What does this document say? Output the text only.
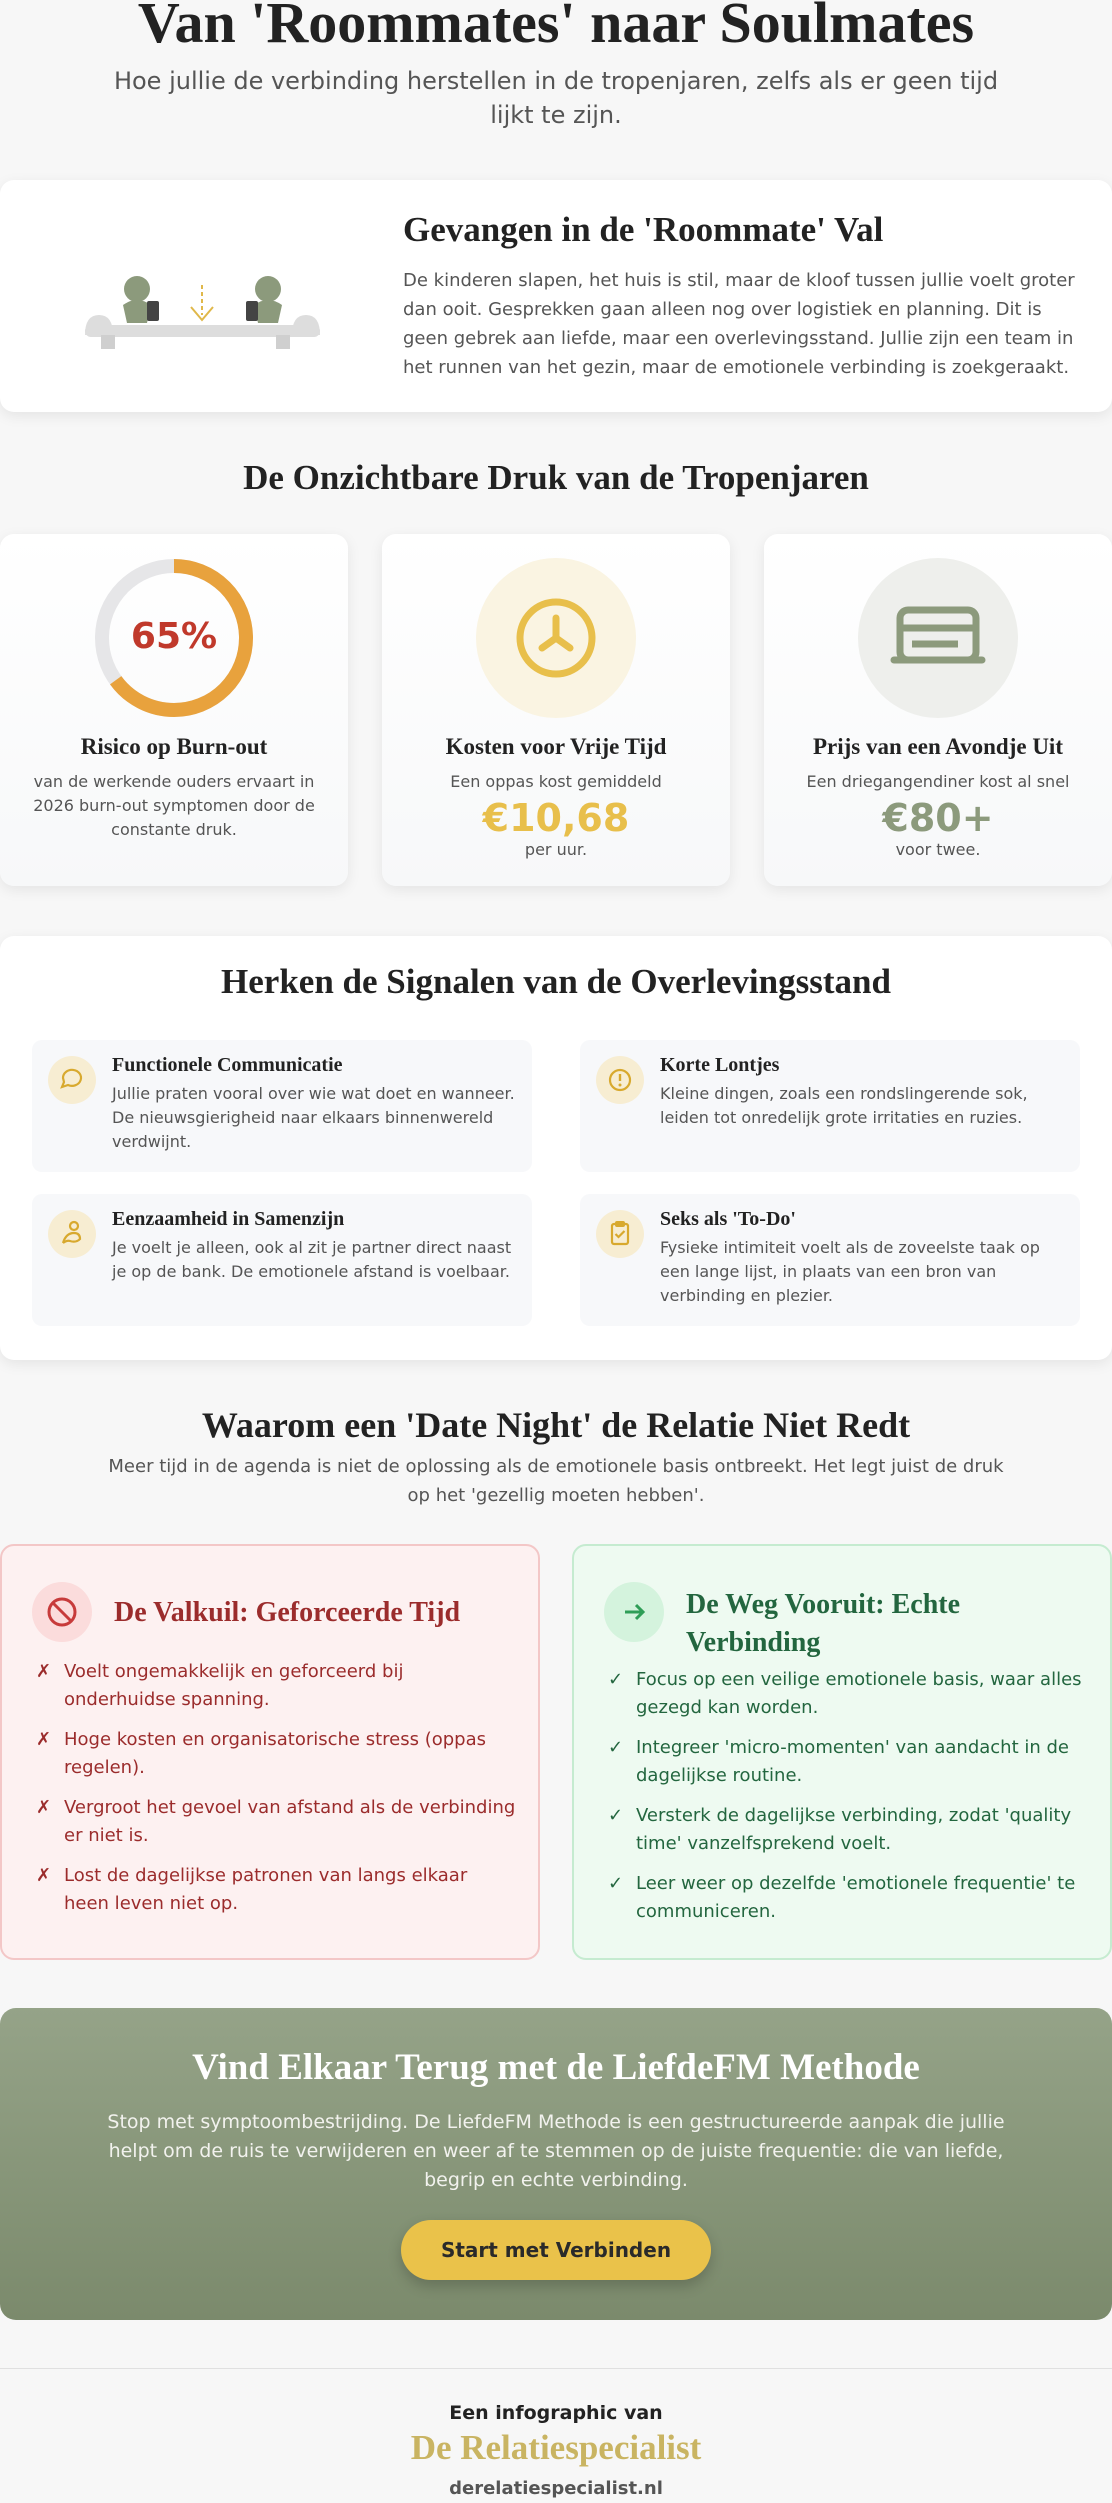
Van 'Roommates' naar Soulmates

Hoe jullie de verbinding herstellen in de tropenjaren, zelfs als er geen tijd lijkt te zijn.

Gevangen in de 'Roommate' Val

De kinderen slapen, het huis is stil, maar de kloof tussen jullie voelt groter dan ooit. Gesprekken gaan alleen nog over logistiek en planning. Dit is geen gebrek aan liefde, maar een overlevingsstand. Jullie zijn een team in het runnen van het gezin, maar de emotionele verbinding is zoekgeraakt.

De Onzichtbare Druk van de Tropenjaren
65%
Risico op Burn-out
van de werkende ouders ervaart in 2026 burn-out symptomen door de constante druk.
Kosten voor Vrije Tijd
Een oppas kost gemiddeld
€10,68
per uur.
Prijs van een Avondje Uit
Een driegangendiner kost al snel
€80+
voor twee.
Herken de Signalen van de Overlevingsstand
Functionele Communicatie
Jullie praten vooral over wie wat doet en wanneer. De nieuwsgierigheid naar elkaars binnenwereld verdwijnt.
Korte Lontjes
Kleine dingen, zoals een rondslingerende sok, leiden tot onredelijk grote irritaties en ruzies.
Eenzaamheid in Samenzijn
Je voelt je alleen, ook al zit je partner direct naast je op de bank. De emotionele afstand is voelbaar.
Seks als 'To-Do'
Fysieke intimiteit voelt als de zoveelste taak op een lange lijst, in plaats van een bron van verbinding en plezier.
Waarom een 'Date Night' de Relatie Niet Redt

Meer tijd in de agenda is niet de oplossing als de emotionele basis ontbreekt. Het legt juist de druk op het 'gezellig moeten hebben'.

De Valkuil: Geforceerde Tijd
✗ Voelt ongemakkelijk en geforceerd bij onderhuidse spanning.
✗ Hoge kosten en organisatorische stress (oppas regelen).
✗ Vergroot het gevoel van afstand als de verbinding er niet is.
✗ Lost de dagelijkse patronen van langs elkaar heen leven niet op.
De Weg Vooruit: Echte Verbinding
✓ Focus op een veilige emotionele basis, waar alles gezegd kan worden.
✓ Integreer 'micro-momenten' van aandacht in de dagelijkse routine.
✓ Versterk de dagelijkse verbinding, zodat 'quality time' vanzelfsprekend voelt.
✓ Leer weer op dezelfde 'emotionele frequentie' te communiceren.
Vind Elkaar Terug met de LiefdeFM Methode

Stop met symptoombestrijding. De LiefdeFM Methode is een gestructureerde aanpak die jullie helpt om de ruis te verwijderen en weer af te stemmen op de juiste frequentie: die van liefde, begrip en echte verbinding.

Start met Verbinden
Een infographic van
De Relatiespecialist
derelatiespecialist.nl
